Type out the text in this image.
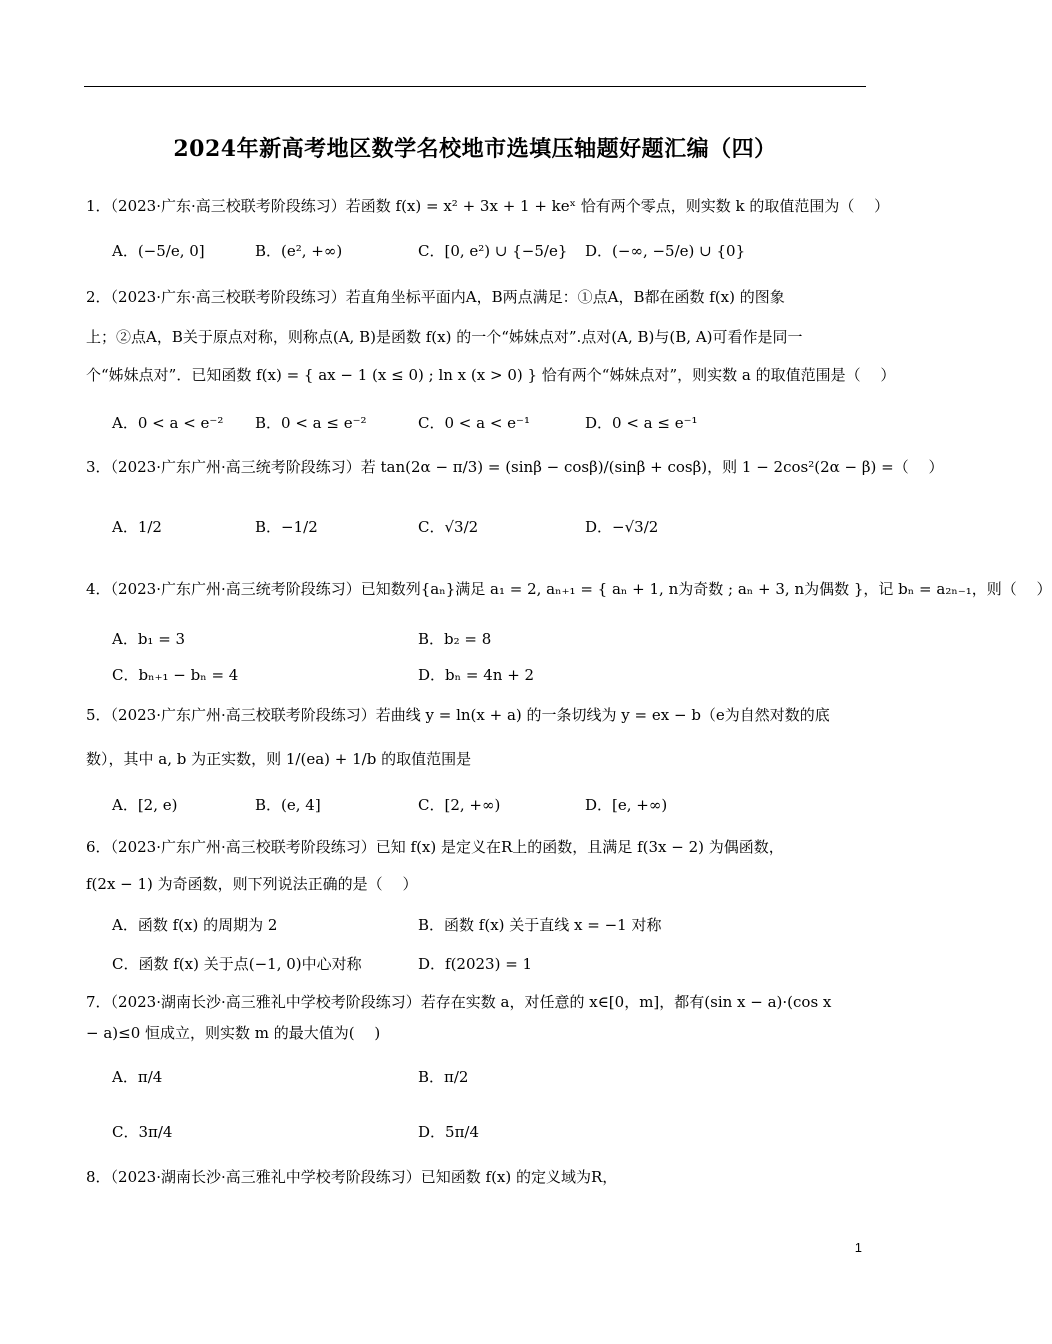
2024年新高考地区数学名校地市选填压轴题好题汇编（四）
1．（2023·广东·高三校联考阶段练习）若函数 f(x) = x² + 3x + 1 + keˣ 恰有两个零点，则实数 k 的取值范围为（　 ）
A．(−5/e, 0]	B．(e², +∞)	C．[0, e²) ∪ {−5/e} D．(−∞, −5/e) ∪ {0}
2．（2023·广东·高三校联考阶段练习）若直角坐标平面内A，B两点满足：①点A，B都在函数 f(x) 的图象
上；②点A，B关于原点对称，则称点(A, B)是函数 f(x) 的一个“姊妹点对”.点对(A, B)与(B, A)可看作是同一
个“姊妹点对”．已知函数 f(x) = { ax − 1 (x ≤ 0) ; ln x (x > 0) } 恰有两个“姊妹点对”，则实数 a 的取值范围是（　 ）
A．0 < a < e⁻² B．0 < a ≤ e⁻²	C．0 < a < e⁻¹	D．0 < a ≤ e⁻¹
3．（2023·广东广州·高三统考阶段练习）若 tan(2α − π/3) = (sinβ − cosβ)/(sinβ + cosβ)，则 1 − 2cos²(2α − β) =（　 ）
A．1/2	B．−1/2	C．√3/2	D．−√3/2
4．（2023·广东广州·高三统考阶段练习）已知数列{aₙ}满足 a₁ = 2, aₙ₊₁ = { aₙ + 1, n为奇数 ; aₙ + 3, n为偶数 }，记 bₙ = a₂ₙ₋₁，则（　 ）
A．b₁ = 3	B．b₂ = 8
C．bₙ₊₁ − bₙ = 4	D．bₙ = 4n + 2
5．（2023·广东广州·高三校联考阶段练习）若曲线 y = ln(x + a) 的一条切线为 y = ex − b（e为自然对数的底
数），其中 a, b 为正实数，则 1/(ea) + 1/b 的取值范围是
A．[2, e)	B．(e, 4]	C．[2, +∞)	D．[e, +∞)
6．（2023·广东广州·高三校联考阶段练习）已知 f(x) 是定义在R上的函数，且满足 f(3x − 2) 为偶函数，
f(2x − 1) 为奇函数，则下列说法正确的是（　 ）
A．函数 f(x) 的周期为 2	B．函数 f(x) 关于直线 x = −1 对称
C．函数 f(x) 关于点(−1, 0)中心对称	D．f(2023) = 1
7．（2023·湖南长沙·高三雅礼中学校考阶段练习）若存在实数 a，对任意的 x∈[0，m]，都有(sin x − a)·(cos x
− a)≤0 恒成立，则实数 m 的最大值为(　 )
A．π/4	B．π/2
C．3π/4	D．5π/4
8．（2023·湖南长沙·高三雅礼中学校考阶段练习）已知函数 f(x) 的定义域为R，
1
